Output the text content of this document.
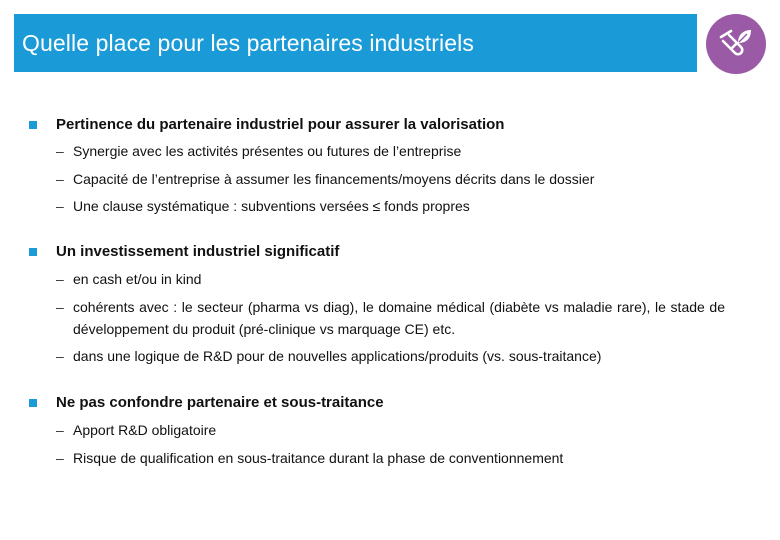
Quelle place pour les partenaires industriels
Pertinence du partenaire industriel pour assurer la valorisation
– Synergie avec les activités présentes ou futures de l’entreprise
– Capacité de l’entreprise à assumer les financements/moyens décrits dans le dossier
– Une clause systématique : subventions versées ≤ fonds propres
Un investissement industriel significatif
– en cash et/ou in kind
– cohérents avec : le secteur (pharma vs diag), le domaine médical (diabète vs maladie rare), le stade de développement du produit (pré-clinique vs marquage CE) etc.
– dans une logique de R&D pour de nouvelles applications/produits (vs. sous-traitance)
Ne pas confondre partenaire et sous-traitance
– Apport R&D obligatoire
– Risque de qualification en sous-traitance durant la phase de conventionnement
